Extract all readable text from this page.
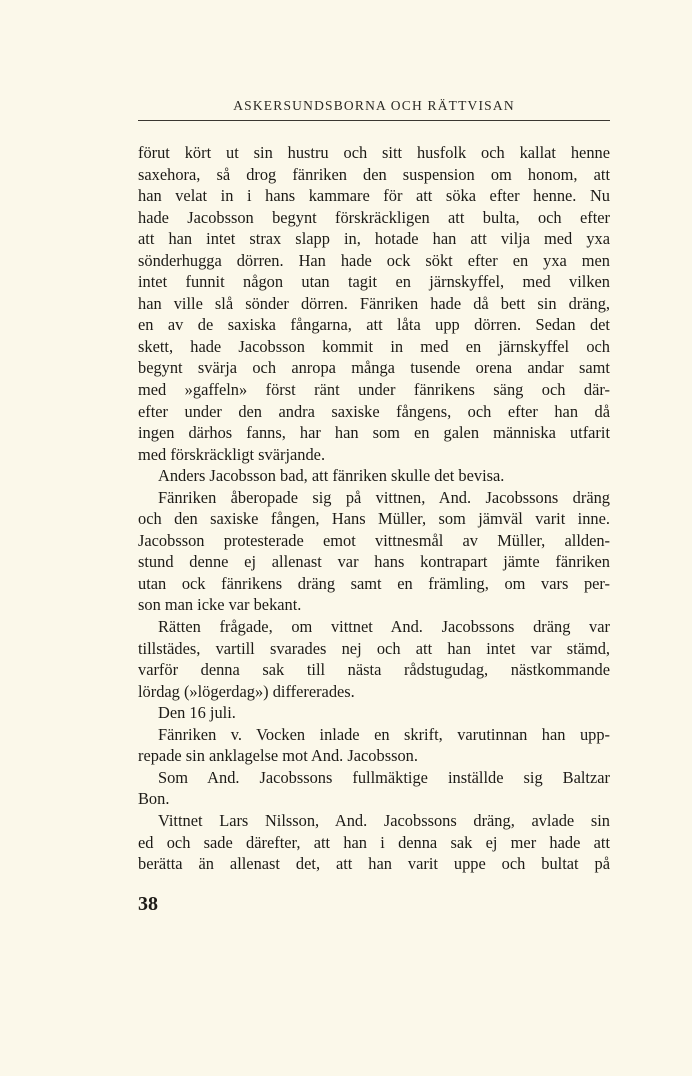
ASKERSUNDSBORNA OCH RÄTTVISAN

förut kört ut sin hustru och sitt husfolk och kallat henne

saxehora, så drog fänriken den suspension om honom, att

han velat in i hans kammare för att söka efter henne. Nu

hade Jacobsson begynt förskräckligen att bulta, och efter

att han intet strax slapp in, hotade han att vilja med yxa

sönderhugga dörren. Han hade ock sökt efter en yxa men

intet funnit någon utan tagit en järnskyffel, med vilken

han ville slå sönder dörren. Fänriken hade då bett sin dräng,

en av de saxiska fångarna, att låta upp dörren. Sedan det

skett, hade Jacobsson kommit in med en järnskyffel och

begynt svärja och anropa många tusende orena andar samt

med »gaffeln» först ränt under fänrikens säng och där-

efter under den andra saxiske fångens, och efter han då

ingen därhos fanns, har han som en galen människa utfarit

med förskräckligt svärjande.

Anders Jacobsson bad, att fänriken skulle det bevisa.

Fänriken åberopade sig på vittnen, And. Jacobssons dräng

och den saxiske fången, Hans Müller, som jämväl varit inne.

Jacobsson protesterade emot vittnesmål av Müller, allden-

stund denne ej allenast var hans kontrapart jämte fänriken

utan ock fänrikens dräng samt en främling, om vars per-

son man icke var bekant.

Rätten frågade, om vittnet And. Jacobssons dräng var

tillstädes, vartill svarades nej och att han intet var stämd,

varför denna sak till nästa rådstugudag, nästkommande

lördag (»lögerdag») differerades.

Den 16 juli.

Fänriken v. Vocken inlade en skrift, varutinnan han upp-

repade sin anklagelse mot And. Jacobsson.

Som And. Jacobssons fullmäktige inställde sig Baltzar

Bon.

Vittnet Lars Nilsson, And. Jacobssons dräng, avlade sin

ed och sade därefter, att han i denna sak ej mer hade att

berätta än allenast det, att han varit uppe och bultat på

38
